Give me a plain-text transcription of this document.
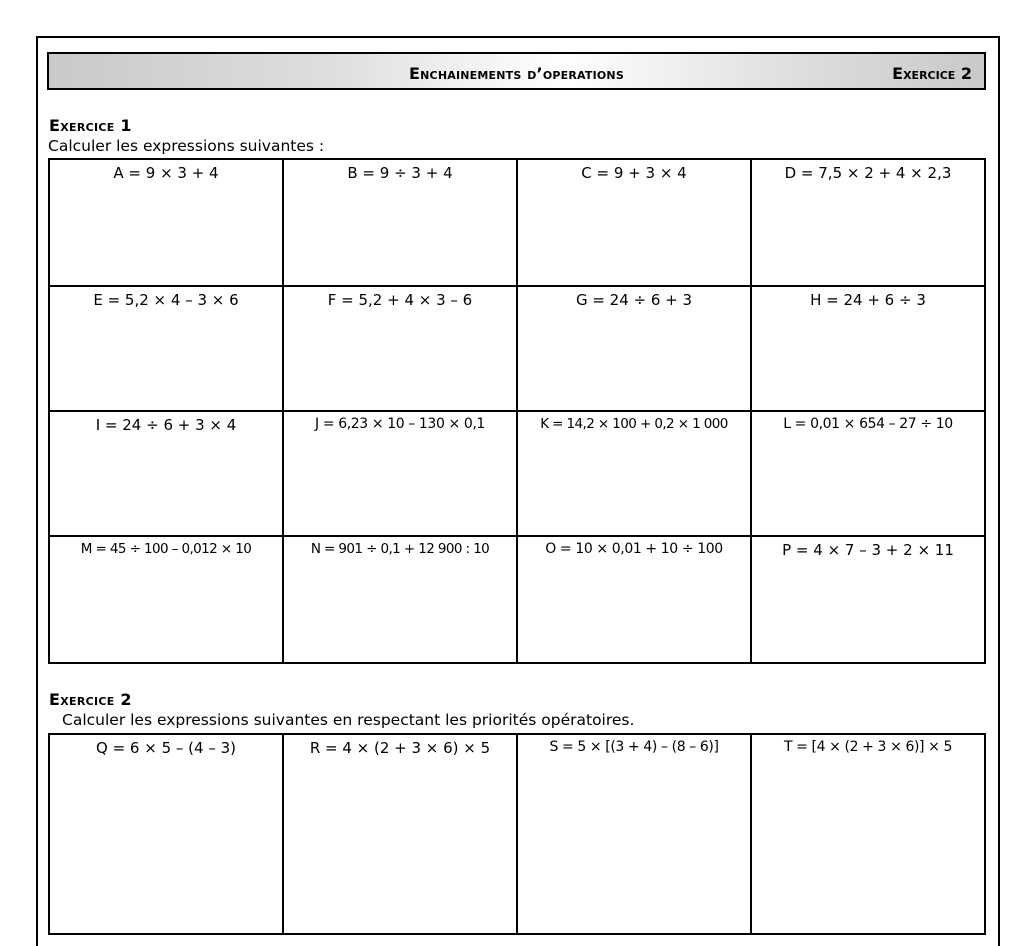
Enchainements d’operations	Exercice 2
Exercice 1
Calculer les expressions suivantes :
A = 9 × 3 + 4	B = 9 ÷ 3 + 4	C = 9 + 3 × 4	D = 7,5 × 2 + 4 × 2,3
E = 5,2 × 4 – 3 × 6	F = 5,2 + 4 × 3 – 6	G = 24 ÷ 6 + 3	H = 24 + 6 ÷ 3
I = 24 ÷ 6 + 3 × 4	J = 6,23 × 10 – 130 × 0,1	K = 14,2 × 100 + 0,2 × 1 000	L = 0,01 × 654 – 27 ÷ 10
M = 45 ÷ 100 – 0,012 × 10	N = 901 ÷ 0,1 + 12 900 : 10	O = 10 × 0,01 + 10 ÷ 100	P = 4 × 7 – 3 + 2 × 11
Exercice 2
Calculer les expressions suivantes en respectant les priorités opératoires.
Q = 6 × 5 – (4 – 3)	R = 4 × (2 + 3 × 6) × 5	S = 5 × [(3 + 4) – (8 – 6)]	T = [4 × (2 + 3 × 6)] × 5
